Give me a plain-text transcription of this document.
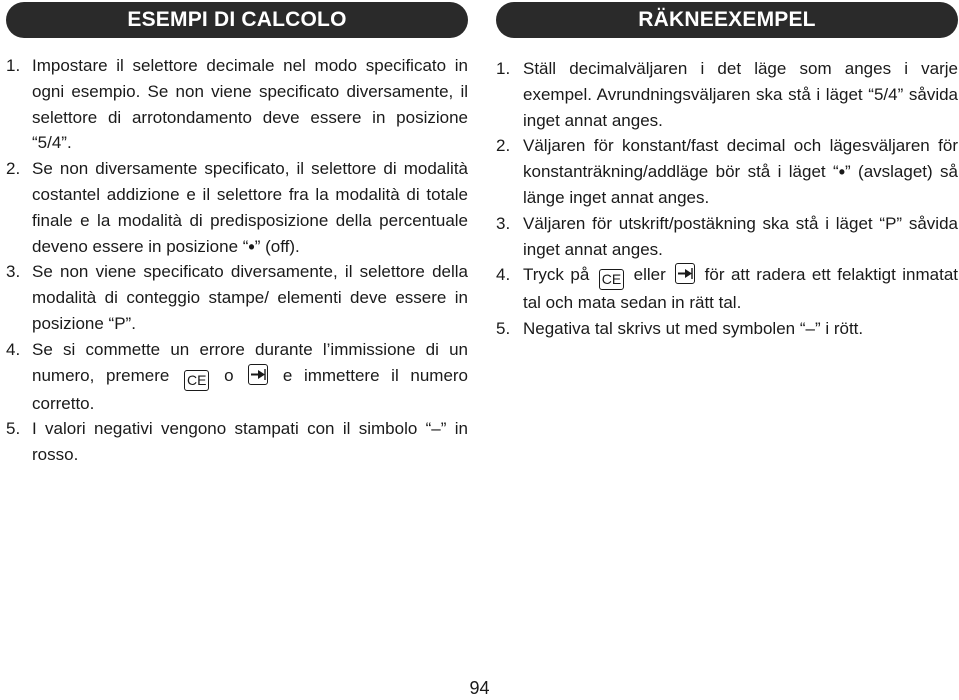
ESEMPI DI CALCOLO
1. Impostare il selettore decimale nel modo specificato in ogni esempio. Se non viene specificato diversamente, il selettore di arrotondamento deve essere in posizione “5/4”.
2. Se non diversamente specificato, il selettore di modalità costantel addizione e il selettore fra la modalità di totale finale e la modalità di predisposizione della percentuale deveno essere in posizione “•” (off).
3. Se non viene specificato diversamente, il selettore della modalità di conteggio stampe/ elementi deve essere in posizione “P”.
4. Se si commette un errore durante l’immissione di un numero, premere CE o	e immettere il numero corretto.
5. I valori negativi vengono stampati con il simbolo “–” in rosso.
RÄKNEEXEMPEL
1. Ställ decimalväljaren i det läge som anges i varje exempel. Avrundningsväljaren ska stå i läget “5/4” såvida inget annat anges.
2. Väljaren för konstant/fast decimal och lägesväljaren för konstanträkning/addläge bör stå i läget “•” (avslaget) så länge inget annat anges.
3. Väljaren för utskrift/postäkning ska stå i läget “P” såvida inget annat anges.
4. Tryck på CE eller för att radera ett felaktigt inmatat tal och mata sedan in rätt tal.
5. Negativa tal skrivs ut med symbolen “–” i rött.
94
